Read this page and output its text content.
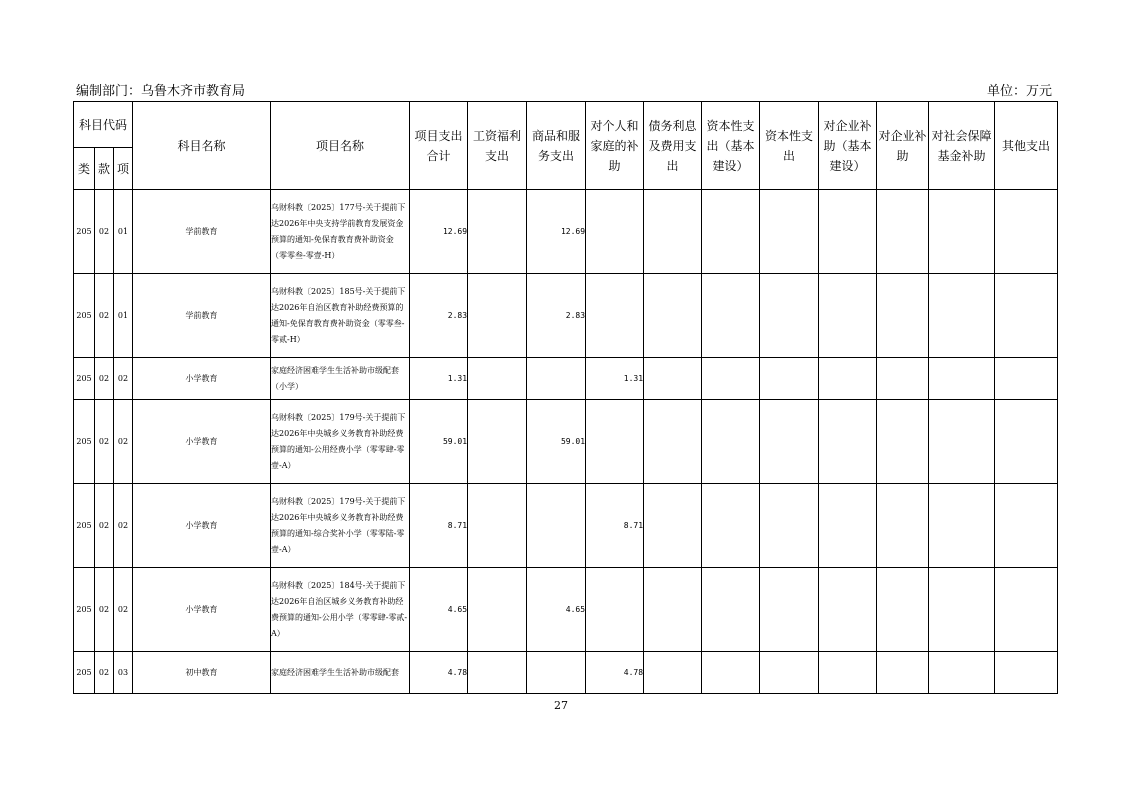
编制部门：乌鲁木齐市教育局	单位：万元
科目代码			科目名称	项目名称	项目支出合计	工资福利支出	商品和服务支出	对个人和家庭的补助	债务利息及费用支出	资本性支出（基本建设）	资本性支出	对企业补助（基本建设）	对企业补助	对社会保障基金补助	其他支出
类	款	项													
205	02	01	学前教育	乌财科教〔2025〕177号-关于提前下达2026年中央支持学前教育发展资金预算的通知-免保育教育费补助资金（零零叁-零壹-H）	12.69		12.69								
205	02	01	学前教育	乌财科教〔2025〕185号-关于提前下达2026年自治区教育补助经费预算的通知-免保育教育费补助资金（零零叁-零贰-H）	2.83		2.83								
205	02	02	小学教育	家庭经济困难学生生活补助市级配套（小学）	1.31			1.31							
205	02	02	小学教育	乌财科教〔2025〕179号-关于提前下达2026年中央城乡义务教育补助经费预算的通知-公用经费小学（零零肆-零壹-A）	59.01		59.01								
205	02	02	小学教育	乌财科教〔2025〕179号-关于提前下达2026年中央城乡义务教育补助经费预算的通知-综合奖补小学（零零陆-零壹-A）	8.71			8.71							
205	02	02	小学教育	乌财科教〔2025〕184号-关于提前下达2026年自治区城乡义务教育补助经费预算的通知-公用小学（零零肆-零贰-A）	4.65		4.65								
205	02	03	初中教育	家庭经济困难学生生活补助市级配套	4.78			4.78							
27
